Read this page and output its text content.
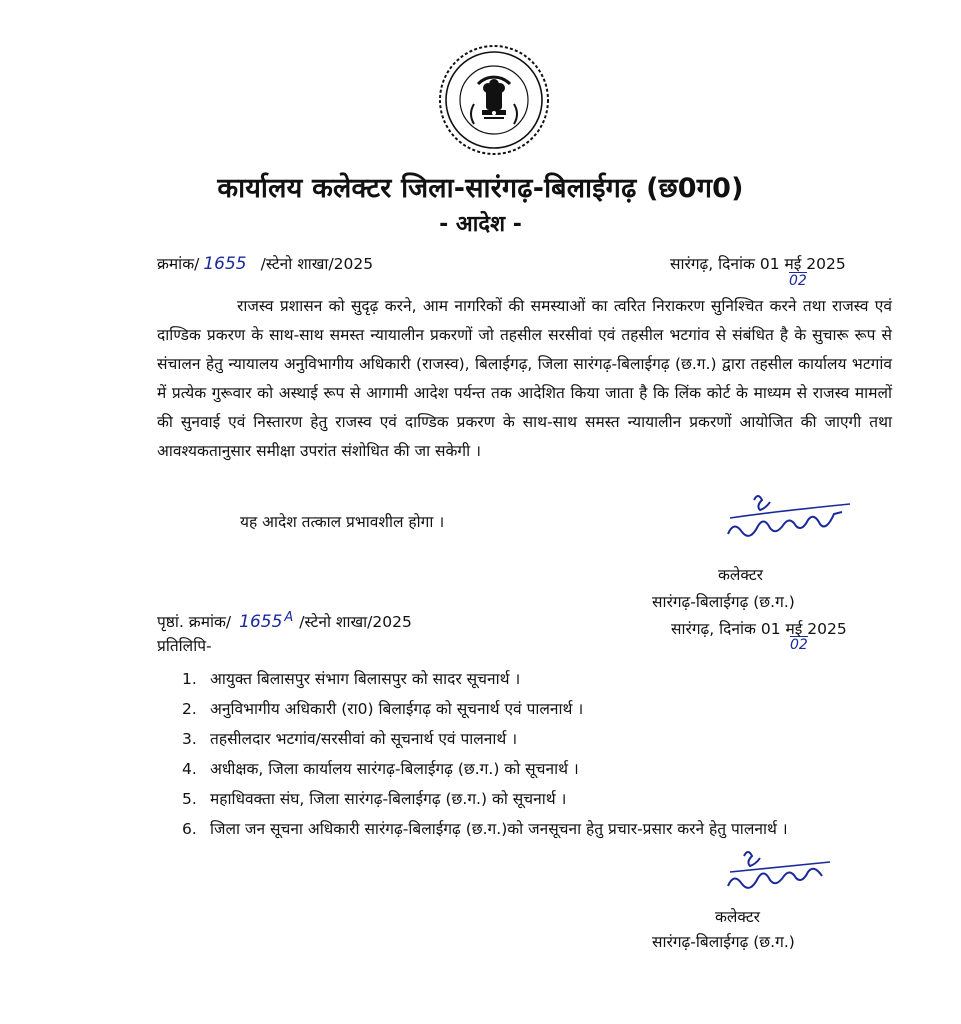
कार्यालय कलेक्टर जिला-सारंगढ़-बिलाईगढ़ (छ0ग0)
- आदेश -
क्रमांक/ 1655 /स्टेनो शाखा/2025	सारंगढ़, दिनांक 01 मई 2025
02
राजस्व प्रशासन को सुदृढ़ करने, आम नागरिकों की समस्याओं का त्वरित निराकरण सुनिश्चित करने तथा राजस्व एवं दाण्डिक प्रकरण के साथ-साथ समस्त न्यायालीन प्रकरणों जो तहसील सरसीवां एवं तहसील भटगांव से संबंधित है के सुचारू रूप से संचालन हेतु न्यायालय अनुविभागीय अधिकारी (राजस्व), बिलाईगढ़, जिला सारंगढ़-बिलाईगढ़ (छ.ग.) द्वारा तहसील कार्यालय भटगांव में प्रत्येक गुरूवार को अस्थाई रूप से आगामी आदेश पर्यन्त तक आदेशित किया जाता है कि लिंक कोर्ट के माध्यम से राजस्व मामलों की सुनवाई एवं निस्तारण हेतु राजस्व एवं दाण्डिक प्रकरण के साथ-साथ समस्त न्यायालीन प्रकरणों आयोजित की जाएगी तथा आवश्यकतानुसार समीक्षा उपरांत संशोधित की जा सकेगी ।
यह आदेश तत्काल प्रभावशील होगा ।
कलेक्टर
सारंगढ़-बिलाईगढ़ (छ.ग.)
पृष्ठां. क्रमांक/ 1655 $^A$ /स्टेनो शाखा/2025	सारंगढ़, दिनांक 01 मई 2025
02
प्रतिलिपि-
1. आयुक्त बिलासपुर संभाग बिलासपुर को सादर सूचनार्थ ।
2. अनुविभागीय अधिकारी (रा0) बिलाईगढ़ को सूचनार्थ एवं पालनार्थ ।
3. तहसीलदार भटगांव/सरसीवां को सूचनार्थ एवं पालनार्थ ।
4. अधीक्षक, जिला कार्यालय सारंगढ़-बिलाईगढ़ (छ.ग.) को सूचनार्थ ।
5. महाधिवक्ता संघ, जिला सारंगढ़-बिलाईगढ़ (छ.ग.) को सूचनार्थ ।
6. जिला जन सूचना अधिकारी सारंगढ़-बिलाईगढ़ (छ.ग.)को जनसूचना हेतु प्रचार-प्रसार करने हेतु पालनार्थ ।
कलेक्टर
सारंगढ़-बिलाईगढ़ (छ.ग.)
